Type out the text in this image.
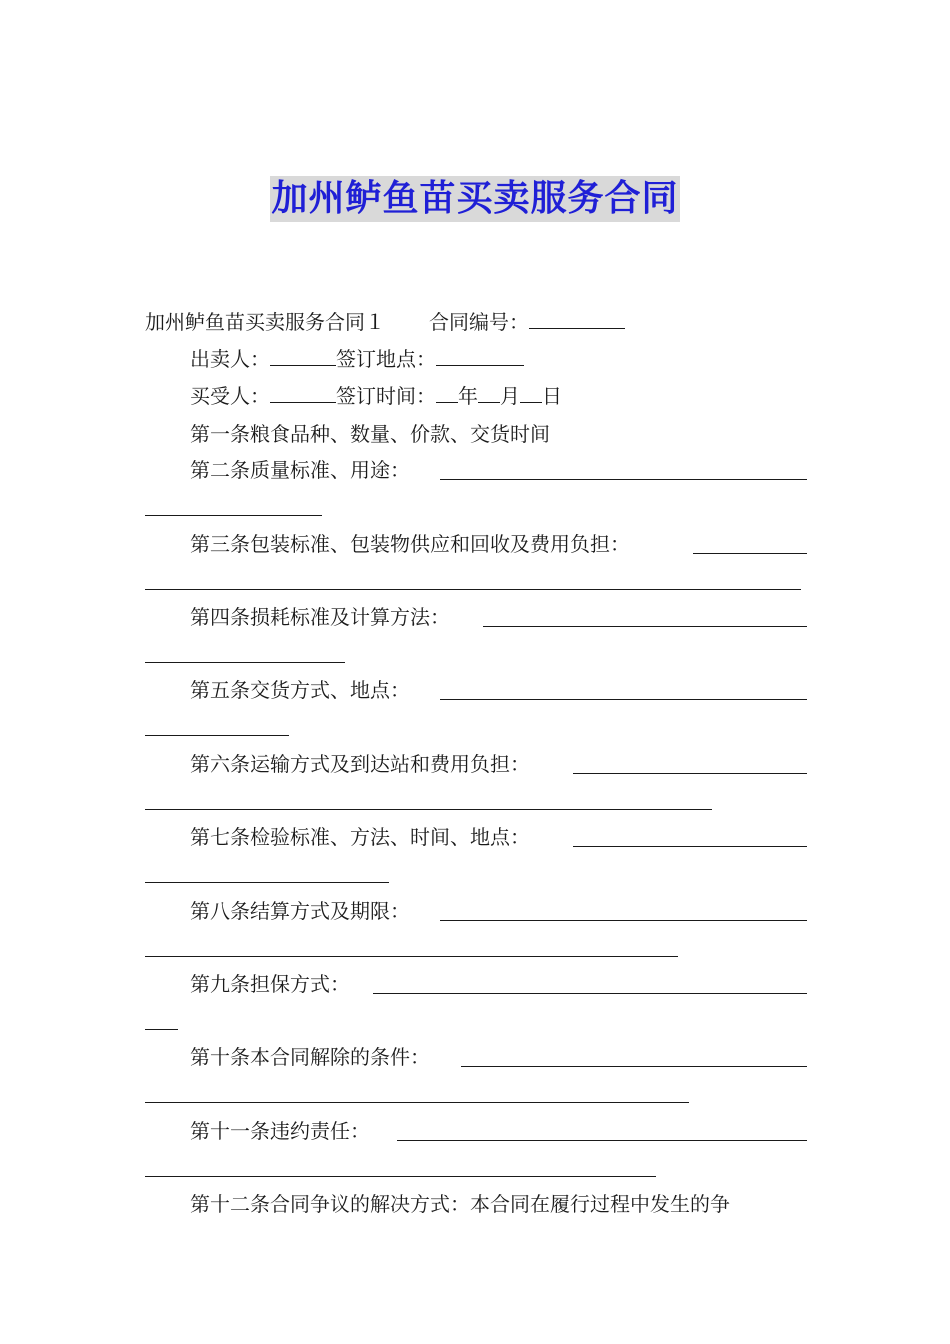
加州鲈鱼苗买卖服务合同
加州鲈鱼苗买卖服务合同１ 合同编号：
出卖人：	签订地点：
买受人：	签订时间： 年 月 日
第一条粮食品种、数量、价款、交货时间
第二条质量标准、用途：
第三条包装标准、包装物供应和回收及费用负担：
第四条损耗标准及计算方法：
第五条交货方式、地点：
第六条运输方式及到达站和费用负担：
第七条检验标准、方法、时间、地点：
第八条结算方式及期限：
第九条担保方式：
第十条本合同解除的条件：
第十一条违约责任：
第十二条合同争议的解决方式：本合同在履行过程中发生的争
